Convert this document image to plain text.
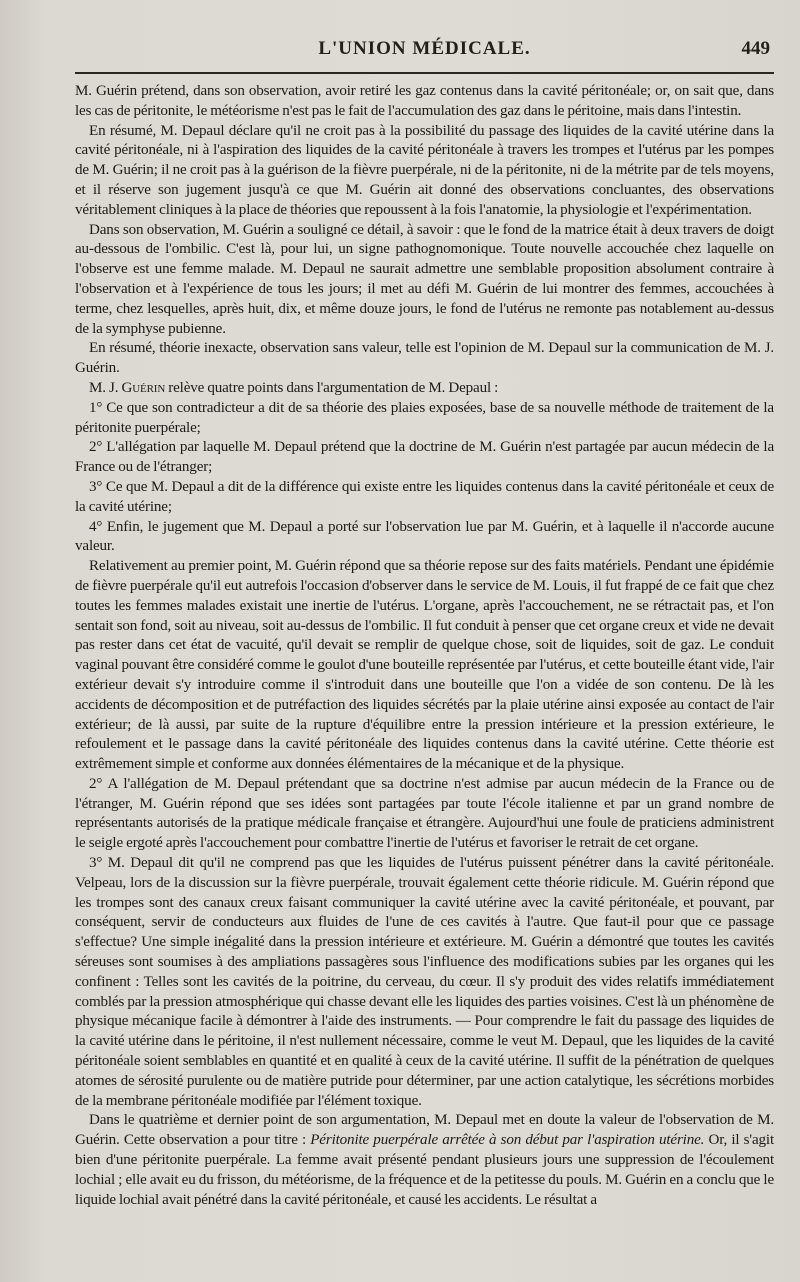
L'UNION MÉDICALE.	449

M. Guérin prétend, dans son observation, avoir retiré les gaz contenus dans la cavité péritonéale; or, on sait que, dans les cas de péritonite, le météorisme n'est pas le fait de l'accumulation des gaz dans le péritoine, mais dans l'intestin.

En résumé, M. Depaul déclare qu'il ne croit pas à la possibilité du passage des liquides de la cavité utérine dans la cavité péritonéale, ni à l'aspiration des liquides de la cavité péritonéale à travers les trompes et l'utérus par les pompes de M. Guérin; il ne croit pas à la guérison de la fièvre puerpérale, ni de la péritonite, ni de la métrite par de tels moyens, et il réserve son jugement jusqu'à ce que M. Guérin ait donné des observations concluantes, des observations véritablement cliniques à la place de théories que repoussent à la fois l'anatomie, la physiologie et l'expérimentation.

Dans son observation, M. Guérin a souligné ce détail, à savoir : que le fond de la matrice était à deux travers de doigt au-dessous de l'ombilic. C'est là, pour lui, un signe pathognomonique. Toute nouvelle accouchée chez laquelle on l'observe est une femme malade. M. Depaul ne saurait admettre une semblable proposition absolument contraire à l'observation et à l'expérience de tous les jours; il met au défi M. Guérin de lui montrer des femmes, accouchées à terme, chez lesquelles, après huit, dix, et même douze jours, le fond de l'utérus ne remonte pas notablement au-dessus de la symphyse pubienne.

En résumé, théorie inexacte, observation sans valeur, telle est l'opinion de M. Depaul sur la communication de M. J. Guérin.

M. J. Guérin relève quatre points dans l'argumentation de M. Depaul :

1° Ce que son contradicteur a dit de sa théorie des plaies exposées, base de sa nouvelle méthode de traitement de la péritonite puerpérale;

2° L'allégation par laquelle M. Depaul prétend que la doctrine de M. Guérin n'est partagée par aucun médecin de la France ou de l'étranger;

3° Ce que M. Depaul a dit de la différence qui existe entre les liquides contenus dans la cavité péritonéale et ceux de la cavité utérine;

4° Enfin, le jugement que M. Depaul a porté sur l'observation lue par M. Guérin, et à laquelle il n'accorde aucune valeur.

Relativement au premier point, M. Guérin répond que sa théorie repose sur des faits matériels. Pendant une épidémie de fièvre puerpérale qu'il eut autrefois l'occasion d'observer dans le service de M. Louis, il fut frappé de ce fait que chez toutes les femmes malades existait une inertie de l'utérus. L'organe, après l'accouchement, ne se rétractait pas, et l'on sentait son fond, soit au niveau, soit au-dessus de l'ombilic. Il fut conduit à penser que cet organe creux et vide ne devait pas rester dans cet état de vacuité, qu'il devait se remplir de quelque chose, soit de liquides, soit de gaz. Le conduit vaginal pouvant être considéré comme le goulot d'une bouteille représentée par l'utérus, et cette bouteille étant vide, l'air extérieur devait s'y introduire comme il s'introduit dans une bouteille que l'on a vidée de son contenu. De là les accidents de décomposition et de putréfaction des liquides sécrétés par la plaie utérine ainsi exposée au contact de l'air extérieur; de là aussi, par suite de la rupture d'équilibre entre la pression intérieure et la pression extérieure, le refoulement et le passage dans la cavité péritonéale des liquides contenus dans la cavité utérine. Cette théorie est extrêmement simple et conforme aux données élémentaires de la mécanique et de la physique.

2° A l'allégation de M. Depaul prétendant que sa doctrine n'est admise par aucun médecin de la France ou de l'étranger, M. Guérin répond que ses idées sont partagées par toute l'école italienne et par un grand nombre de représentants autorisés de la pratique médicale française et étrangère. Aujourd'hui une foule de praticiens administrent le seigle ergoté après l'accouchement pour combattre l'inertie de l'utérus et favoriser le retrait de cet organe.

3° M. Depaul dit qu'il ne comprend pas que les liquides de l'utérus puissent pénétrer dans la cavité péritonéale. Velpeau, lors de la discussion sur la fièvre puerpérale, trouvait également cette théorie ridicule. M. Guérin répond que les trompes sont des canaux creux faisant communiquer la cavité utérine avec la cavité péritonéale, et pouvant, par conséquent, servir de conducteurs aux fluides de l'une de ces cavités à l'autre. Que faut-il pour que ce passage s'effectue? Une simple inégalité dans la pression intérieure et extérieure. M. Guérin a démontré que toutes les cavités séreuses sont soumises à des ampliations passagères sous l'influence des modifications subies par les organes qui les confinent : Telles sont les cavités de la poitrine, du cerveau, du cœur. Il s'y produit des vides relatifs immédiatement comblés par la pression atmosphérique qui chasse devant elle les liquides des parties voisines. C'est là un phénomène de physique mécanique facile à démontrer à l'aide des instruments. — Pour comprendre le fait du passage des liquides de la cavité utérine dans le péritoine, il n'est nullement nécessaire, comme le veut M. Depaul, que les liquides de la cavité péritonéale soient semblables en quantité et en qualité à ceux de la cavité utérine. Il suffit de la pénétration de quelques atomes de sérosité purulente ou de matière putride pour déterminer, par une action catalytique, les sécrétions morbides de la membrane péritonéale modifiée par l'élément toxique.

Dans le quatrième et dernier point de son argumentation, M. Depaul met en doute la valeur de l'observation de M. Guérin. Cette observation a pour titre : Péritonite puerpérale arrêtée à son début par l'aspiration utérine. Or, il s'agit bien d'une péritonite puerpérale. La femme avait présenté pendant plusieurs jours une suppression de l'écoulement lochial ; elle avait eu du frisson, du météorisme, de la fréquence et de la petitesse du pouls. M. Guérin en a conclu que le liquide lochial avait pénétré dans la cavité péritonéale, et causé les accidents. Le résultat a
